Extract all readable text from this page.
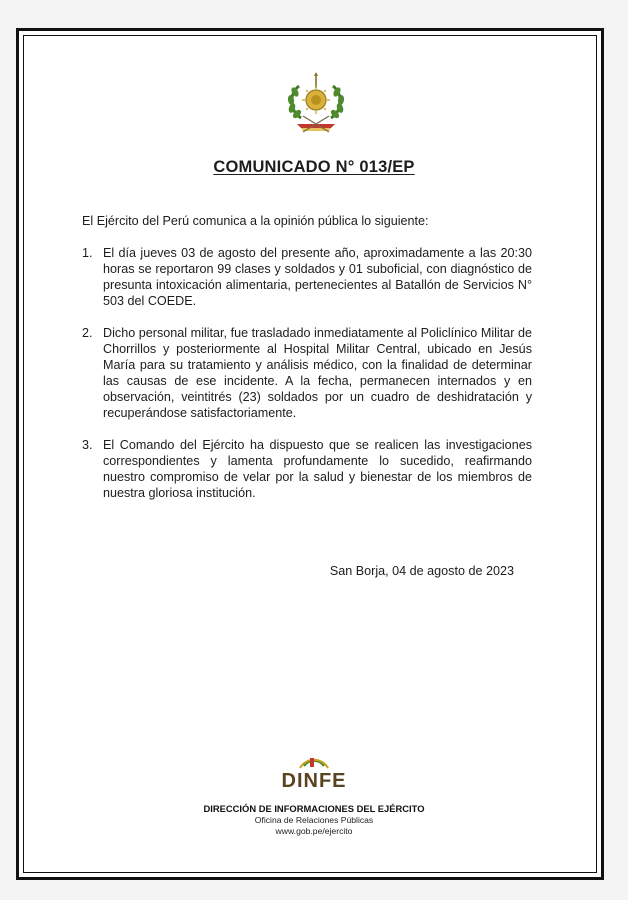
COMUNICADO N° 013/EP
El Ejército del Perú comunica a la opinión pública lo siguiente:
1. El día jueves 03 de agosto del presente año, aproximadamente a las 20:30 horas se reportaron 99 clases y soldados y 01 suboficial, con diagnóstico de presunta intoxicación alimentaria, pertenecientes al Batallón de Servicios N° 503 del COEDE.
2. Dicho personal militar, fue trasladado inmediatamente al Policlínico Militar de Chorrillos y posteriormente al Hospital Militar Central, ubicado en Jesús María para su tratamiento y análisis médico, con la finalidad de determinar las causas de ese incidente. A la fecha, permanecen internados y en observación, veintitrés (23) soldados por un cuadro de deshidratación y recuperándose satisfactoriamente.
3. El Comando del Ejército ha dispuesto que se realicen las investigaciones correspondientes y lamenta profundamente lo sucedido, reafirmando nuestro compromiso de velar por la salud y bienestar de los miembros de nuestra gloriosa institución.
San Borja, 04 de agosto de 2023
DINFE
DIRECCIÓN DE INFORMACIONES DEL EJÉRCITO
Oficina de Relaciones Públicas
www.gob.pe/ejercito
